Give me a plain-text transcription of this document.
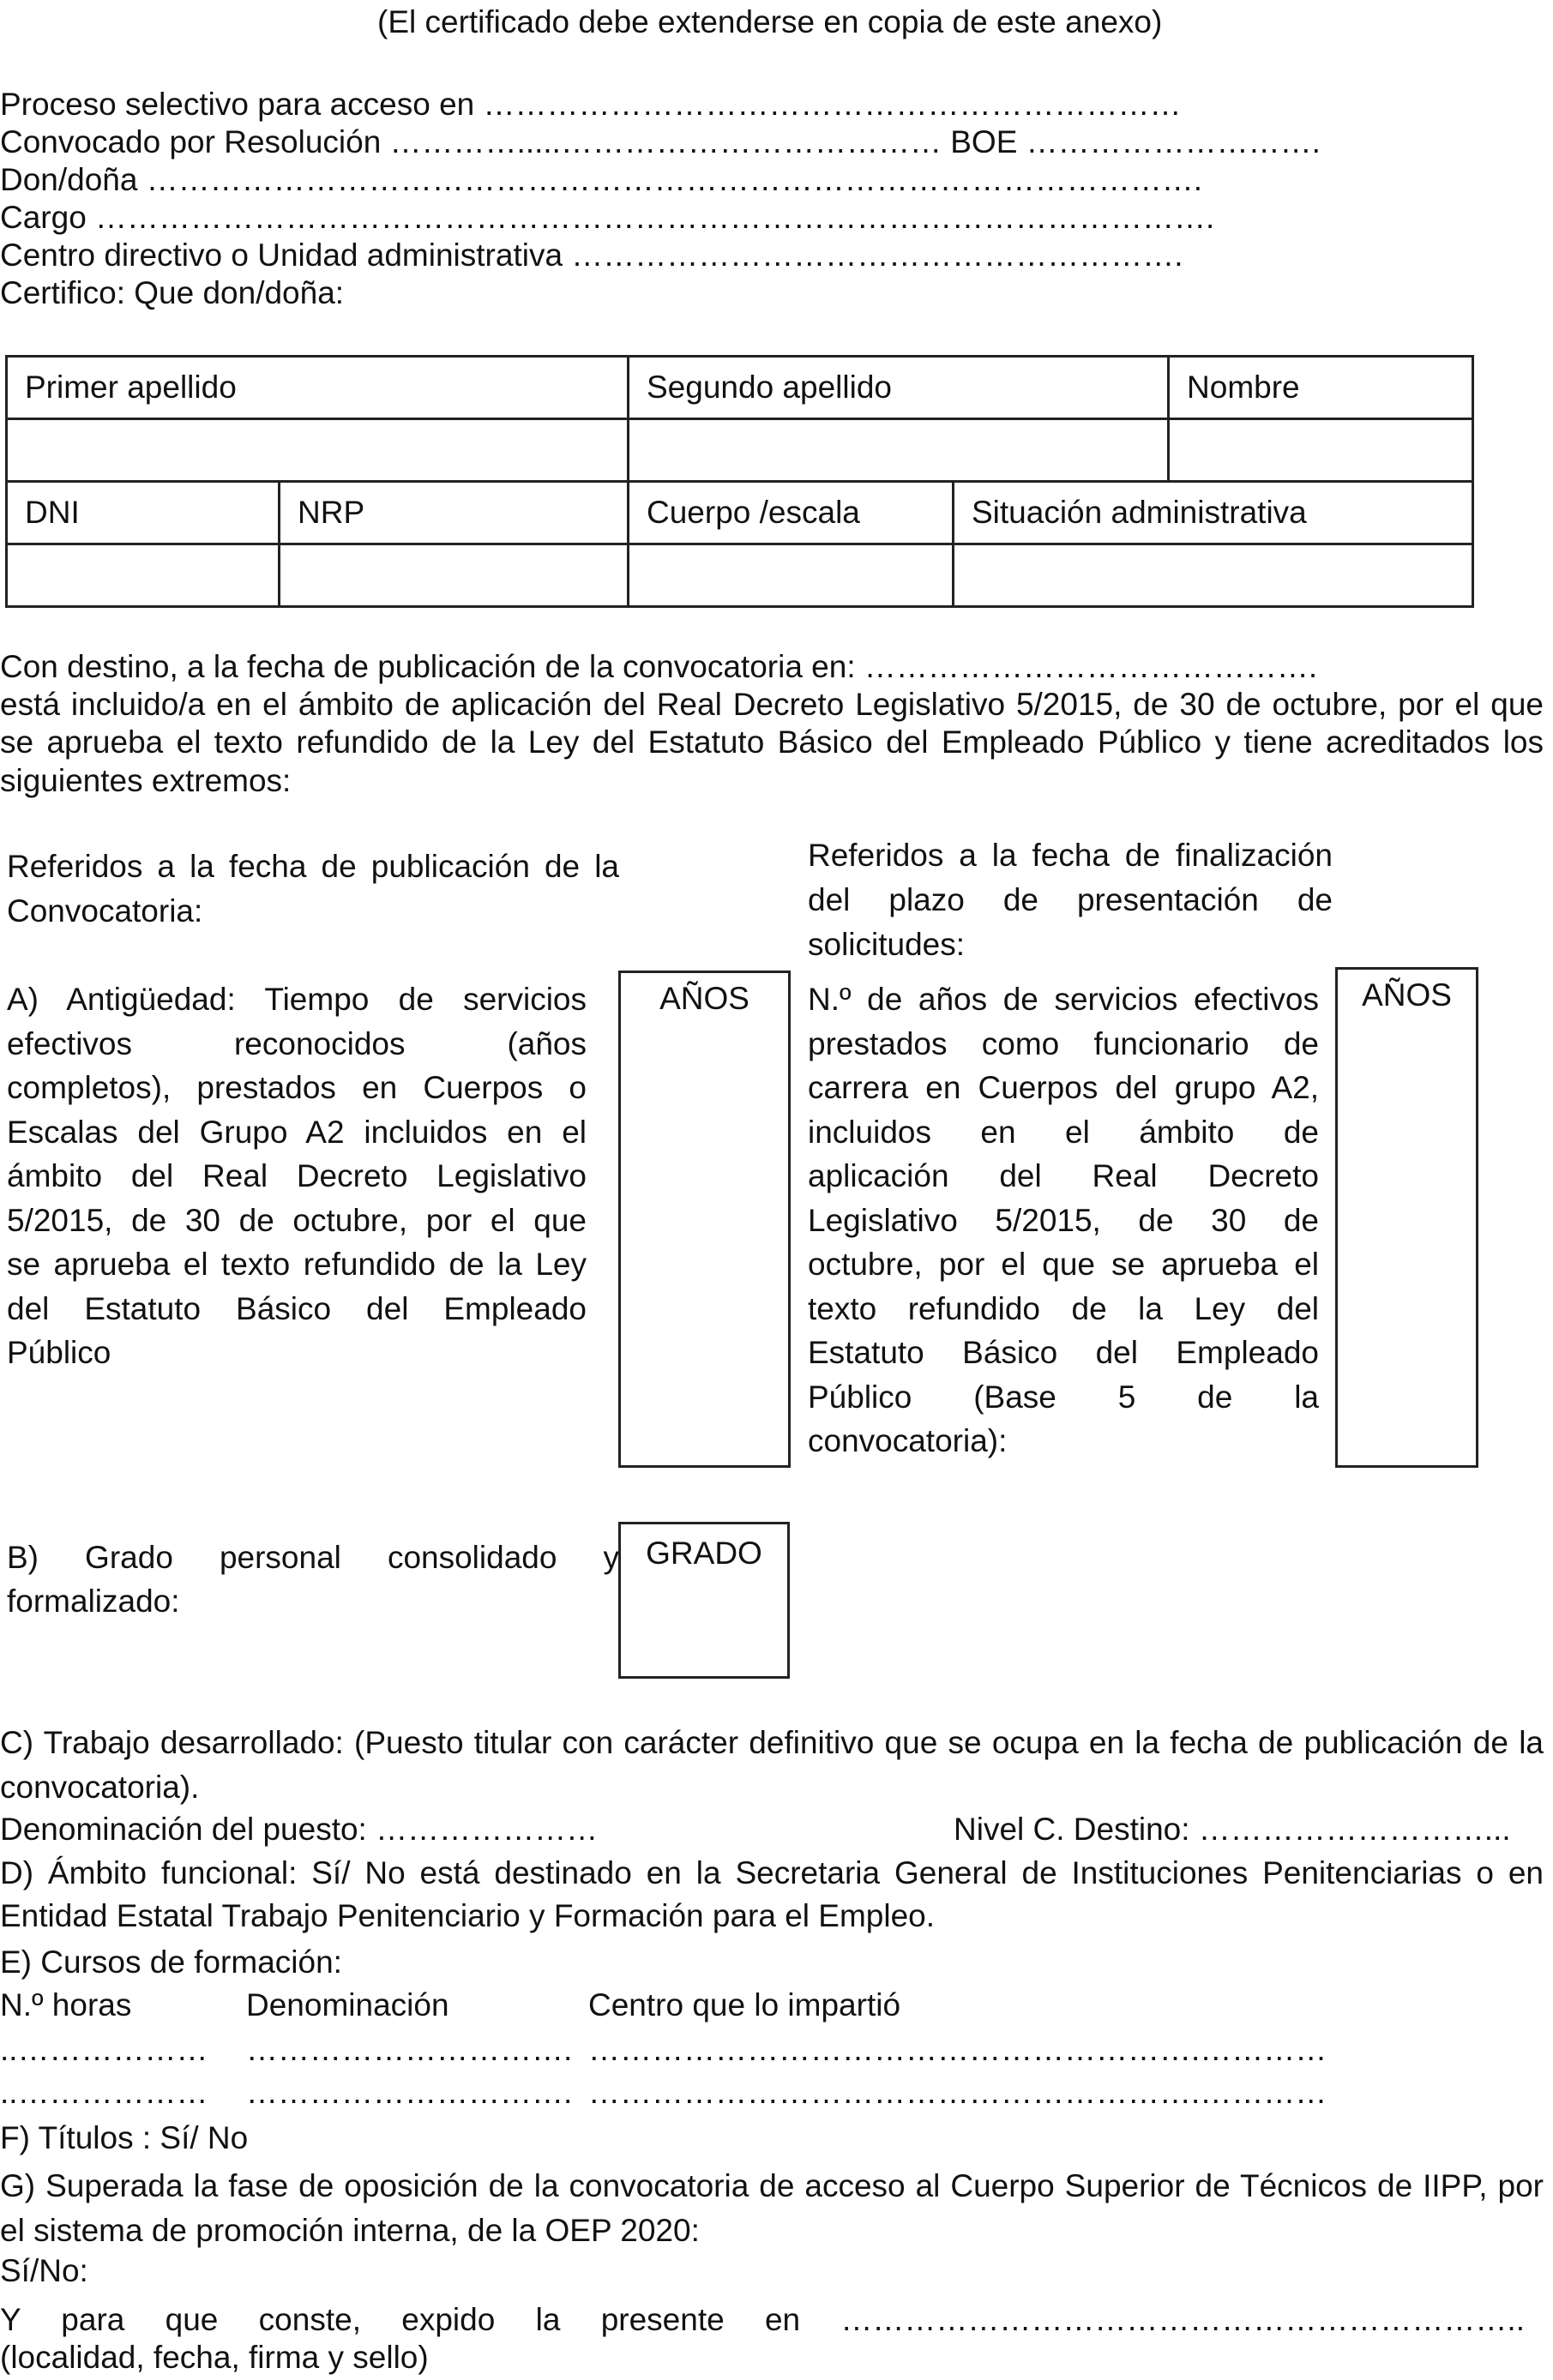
(El certificado debe extenderse en copia de este anexo)
Proceso selectivo para acceso en …………………………………………………………
Convocado por Resolución ………….....……………………………… BOE ……………………….
Don/doña ……………………………………………………………………………………….
Cargo …………………………………………………………………………………………….
Centro directivo o Unidad administrativa ………………………………………………….
Certifico: Que don/doña:
Primer apellido		Segundo apellido		Nombre

DNI	NRP	Cuerpo /escala	Situación administrativa	

Con destino, a la fecha de publicación de la convocatoria en: …………………………………….
está incluido/a en el ámbito de aplicación del Real Decreto Legislativo 5/2015, de 30 de octubre, por el que se aprueba el texto refundido de la Ley del Estatuto Básico del Empleado Público y tiene acreditados los siguientes extremos:
Referidos a la fecha de publicación de la Convocatoria:
Referidos a la fecha de finalización
del plazo de presentación de
solicitudes:
A) Antigüedad: Tiempo de servicios
efectivos reconocidos (años
completos), prestados en Cuerpos o
Escalas del Grupo A2 incluidos en el
ámbito del Real Decreto Legislativo
5/2015, de 30 de octubre, por el que
se aprueba el texto refundido de la Ley
del Estatuto Básico del Empleado
Público
AÑOS	N.º de años de servicios efectivos
prestados como funcionario de
carrera en Cuerpos del grupo A2,
incluidos en el ámbito de
aplicación del Real Decreto
Legislativo 5/2015, de 30 de
octubre, por el que se aprueba el
texto refundido de la Ley del
Estatuto Básico del Empleado
Público (Base 5 de la
convocatoria):
AÑOS
B) Grado personal consolidado y
formalizado:
GRADO
C) Trabajo desarrollado: (Puesto titular con carácter definitivo que se ocupa en la fecha de publicación de la convocatoria).
Denominación del puesto: …………………	Nivel C. Destino: ………………………...
D) Ámbito funcional: Sí/ No está destinado en la Secretaria General de Instituciones Penitenciarias o en Entidad Estatal Trabajo Penitenciario y Formación para el Empleo.
E) Cursos de formación:
N.º horas	Denominación	Centro que lo impartió
..……………… …………………………. ………………………………………………….…………
..……………… …………………………. ………………………………………………….…………
F) Títulos : Sí/ No
G) Superada la fase de oposición de la convocatoria de acceso al Cuerpo Superior de Técnicos de IIPP, por el sistema de promoción interna, de la OEP 2020:
Sí/No:
Y para que conste, expido la presente en ………………………………………………………..
(localidad, fecha, firma y sello)
